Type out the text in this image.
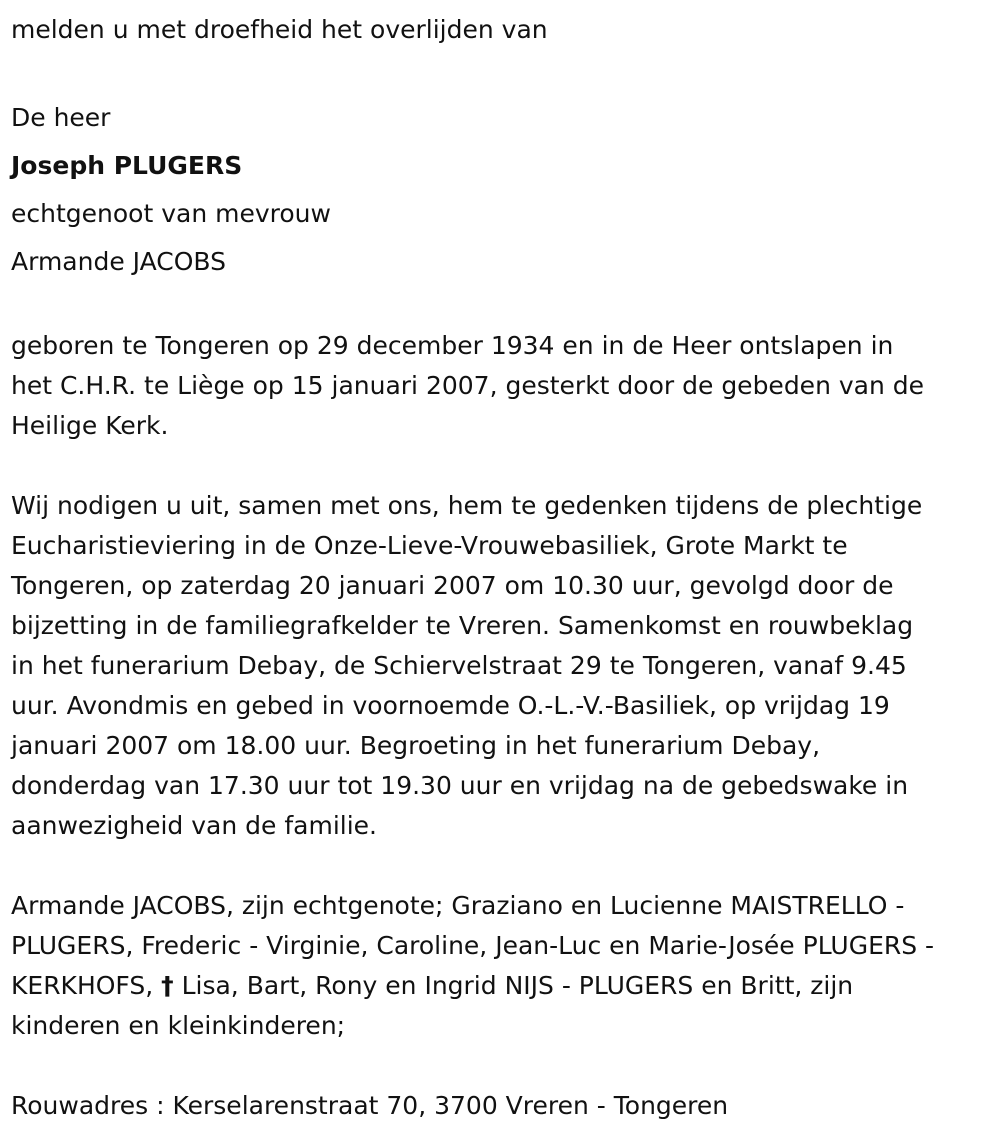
melden u met droefheid het overlijden van

De heer

Joseph PLUGERS

echtgenoot van mevrouw

Armande JACOBS

geboren te Tongeren op 29 december 1934 en in de Heer ontslapen in

het C.H.R. te Liège op 15 januari 2007, gesterkt door de gebeden van de

Heilige Kerk.

Wij nodigen u uit, samen met ons, hem te gedenken tijdens de plechtige

Eucharistieviering in de Onze-Lieve-Vrouwebasiliek, Grote Markt te

Tongeren, op zaterdag 20 januari 2007 om 10.30 uur, gevolgd door de

bijzetting in de familiegrafkelder te Vreren. Samenkomst en rouwbeklag

in het funerarium Debay, de Schiervelstraat 29 te Tongeren, vanaf 9.45

uur. Avondmis en gebed in voornoemde O.-L.-V.-Basiliek, op vrijdag 19

januari 2007 om 18.00 uur. Begroeting in het funerarium Debay,

donderdag van 17.30 uur tot 19.30 uur en vrijdag na de gebedswake in

aanwezigheid van de familie.

Armande JACOBS, zijn echtgenote; Graziano en Lucienne MAISTRELLO -

PLUGERS, Frederic - Virginie, Caroline, Jean-Luc en Marie-Josée PLUGERS -

KERKHOFS, † Lisa, Bart, Rony en Ingrid NIJS - PLUGERS en Britt, zijn

kinderen en kleinkinderen;

Rouwadres : Kerselarenstraat 70, 3700 Vreren - Tongeren
